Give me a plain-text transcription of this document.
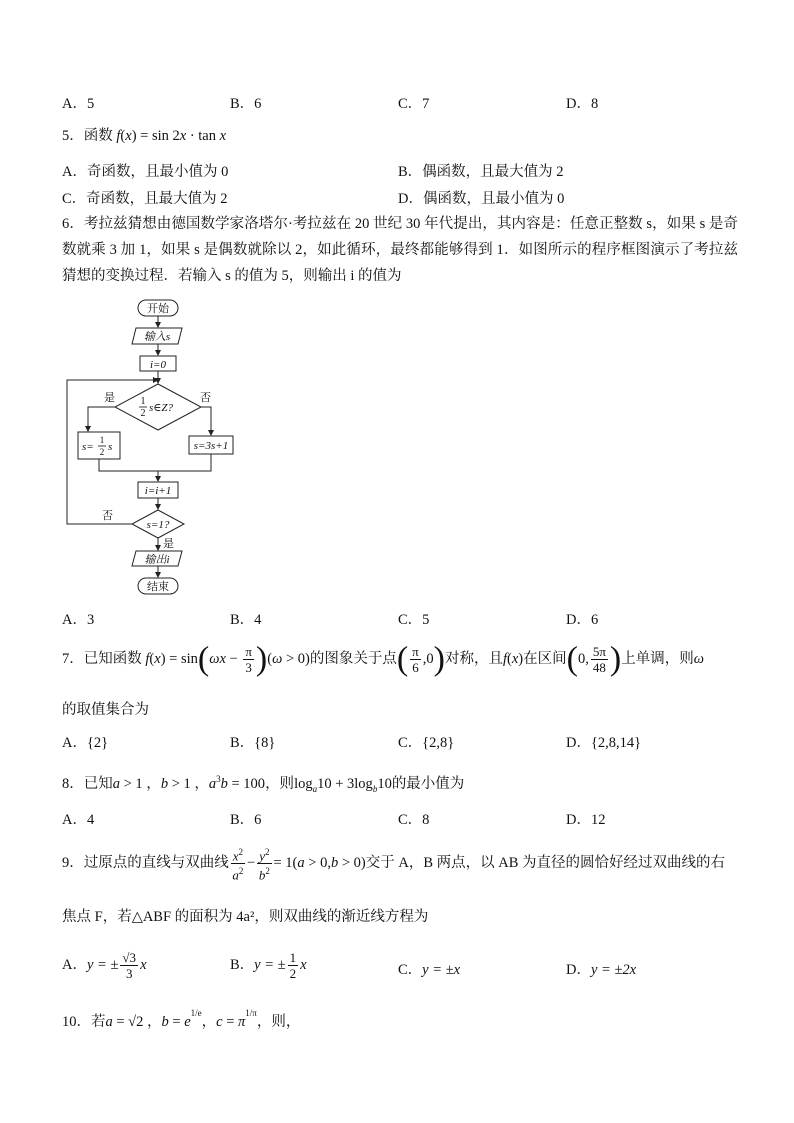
A．5	B．6	C．7	D．8
5．函数 f(x) = sin 2x · tan x
A．奇函数，且最小值为 0	B．偶函数，且最大值为 2
C．奇函数，且最大值为 2	D．偶函数，且最小值为 0
6．考拉兹猜想由德国数学家洛塔尔·考拉兹在 20 世纪 30 年代提出，其内容是：任意正整数 s，如果 s 是奇数就乘 3 加 1，如果 s 是偶数就除以 2，如此循环，最终都能够得到 1．如图所示的程序框图演示了考拉兹猜想的变换过程．若输入 s 的值为 5，则输出 i 的值为
开始
输入s
i=0
1
2 s∈Z?
是	否
s=
1
2 s	s=3s+1
i=i+1
s=1?
否
是
输出i
结束
A．3	B．4	C．5	D．6
7．已知函数 $f(x) = \sin(\omega x - \frac{\pi}{3} )(\omega > 0)$的图象关于点( $\frac{\pi}{6} ,0$)对称，且f(x)在区间(0, $\frac{5\pi}{48}$ )上单调，则ω
的取值集合为
A．{2}	B．{8}	C．{2,8}	D．{2,8,14}
8．已知a > 1 ，b > 1 ，$a^3b = 100$，则$\log_a10 + 3\log_b10$的最小值为
A．4	B．6	C．8	D．12
9．过原点的直线与双曲线 $\frac{x^2}{a^2} - \frac{y^2}{b^2} = 1(a > 0,b > 0)$交于 A，B 两点，以 AB 为直径的圆恰好经过双曲线的右
焦点 F，若△ABF 的面积为 4a²，则双曲线的渐近线方程为
A．y = ± $\frac{√3}{3}$ x	B．y = ± $\frac{1}{2}$ x	C．y = ±x	D．y = ±2x
10．若a = √2 ，$b = e^{1/e}$，$c = \pi^{1/\pi}$，则，
